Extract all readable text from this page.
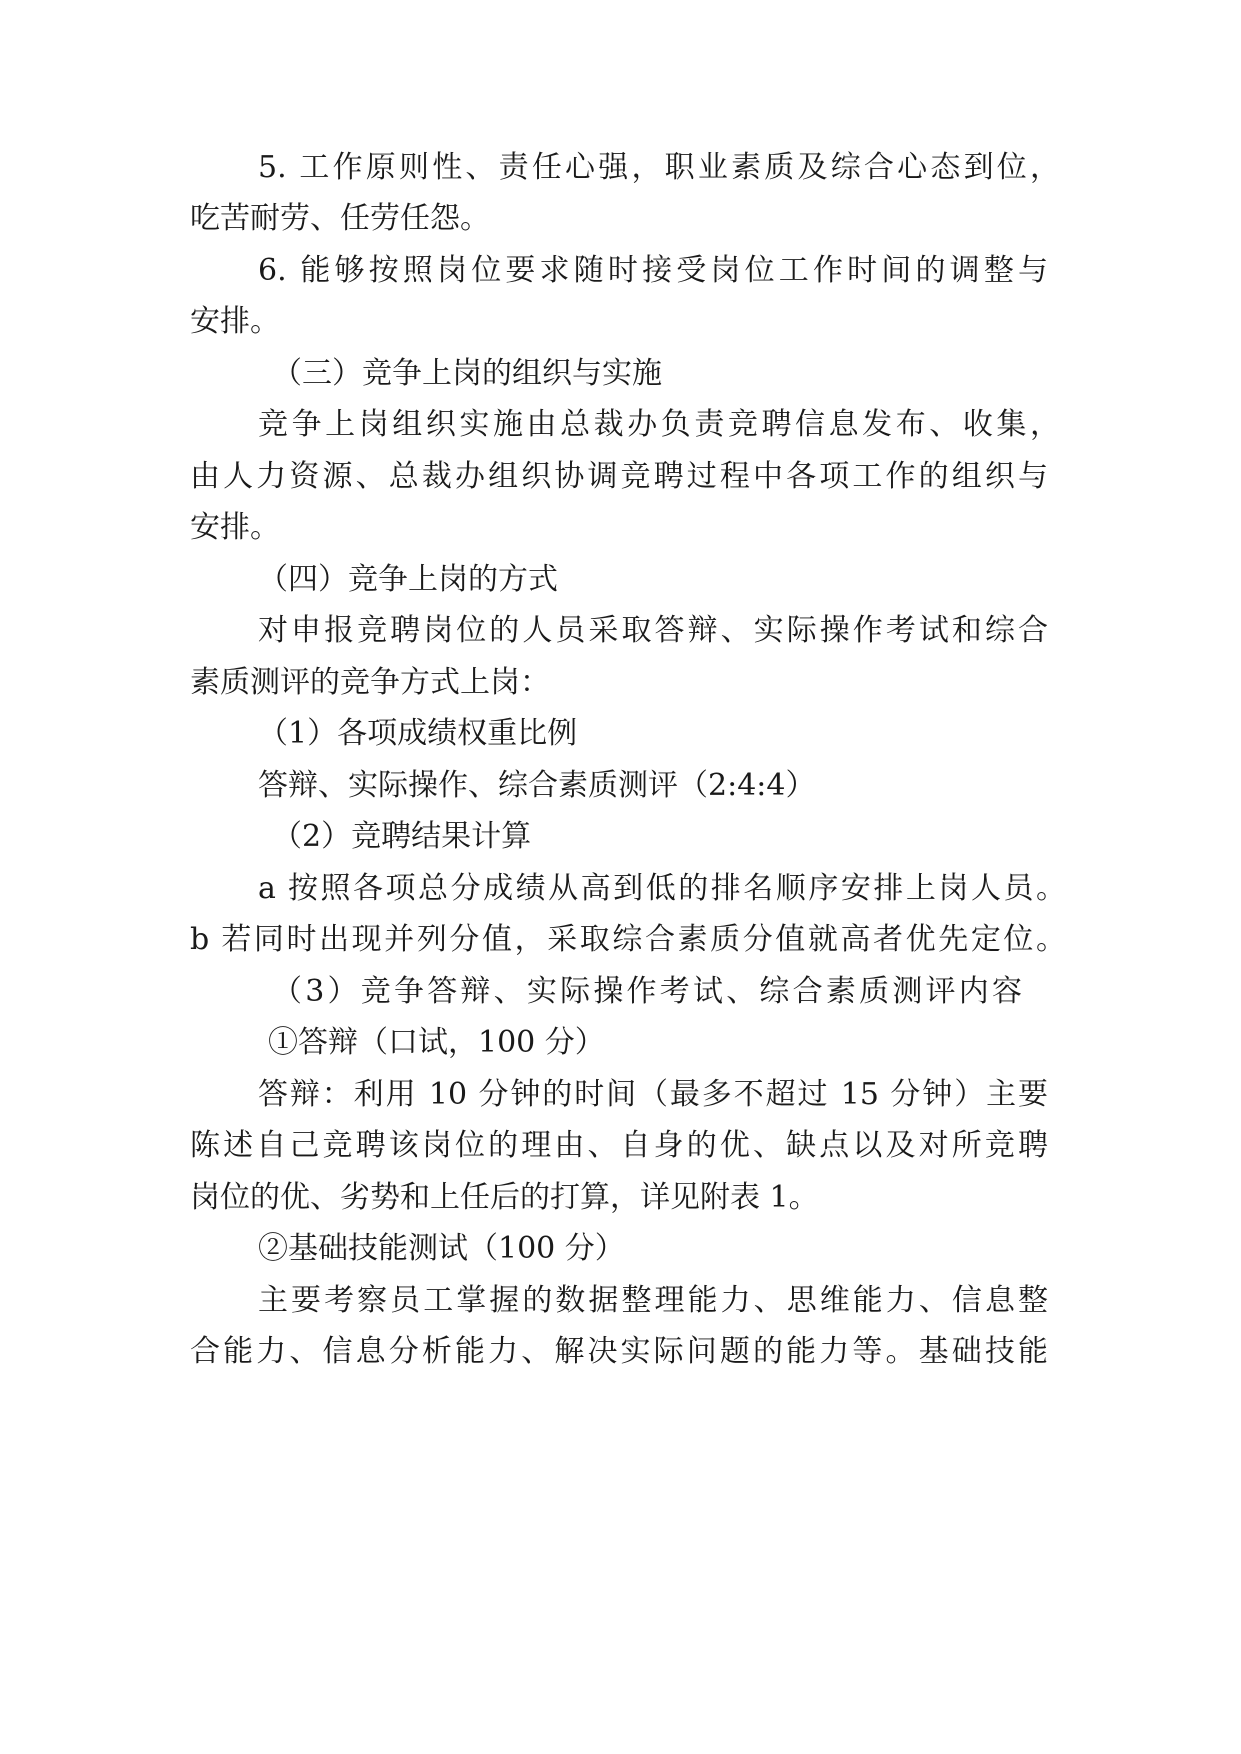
5. 工作原则性、责任心强，职业素质及综合心态到位，
吃苦耐劳、任劳任怨。
6. 能够按照岗位要求随时接受岗位工作时间的调整与
安排。
（三）竞争上岗的组织与实施
竞争上岗组织实施由总裁办负责竞聘信息发布、收集，
由人力资源、总裁办组织协调竞聘过程中各项工作的组织与
安排。
（四）竞争上岗的方式
对申报竞聘岗位的人员采取答辩、实际操作考试和综合
素质测评的竞争方式上岗：
（1）各项成绩权重比例
答辩、实际操作、综合素质测评（2:4:4）
（2）竞聘结果计算
a 按照各项总分成绩从高到低的排名顺序安排上岗人员。
b 若同时出现并列分值，采取综合素质分值就高者优先定位。
（3）竞争答辩、实际操作考试、综合素质测评内容
①答辩（口试，100 分）
答辩：利用 10 分钟的时间（最多不超过 15 分钟）主要
陈述自己竞聘该岗位的理由、自身的优、缺点以及对所竞聘
岗位的优、劣势和上任后的打算，详见附表 1。
②基础技能测试（100 分）
主要考察员工掌握的数据整理能力、思维能力、信息整
合能力、信息分析能力、解决实际问题的能力等。基础技能
